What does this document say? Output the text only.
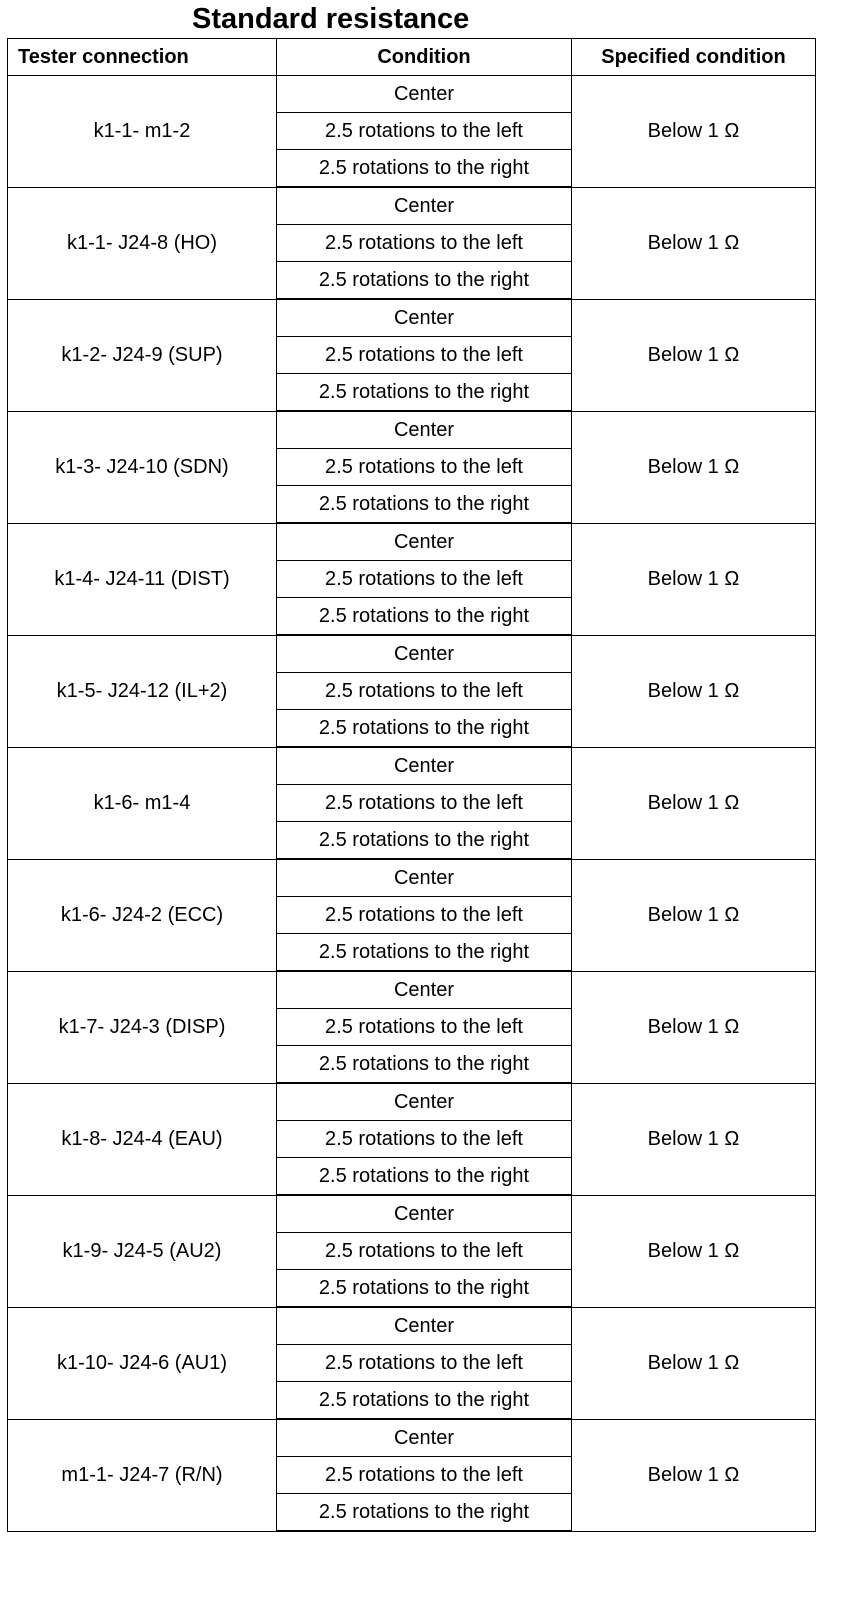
Standard resistance
Tester connection	Condition	Specified condition
k1-1- m1-2	Center	Below 1 Ω
	2.5 rotations to the left	
	2.5 rotations to the right	
k1-1- J24-8 (HO)	Center	Below 1 Ω
	2.5 rotations to the left	
	2.5 rotations to the right	
k1-2- J24-9 (SUP)	Center	Below 1 Ω
	2.5 rotations to the left	
	2.5 rotations to the right	
k1-3- J24-10 (SDN)	Center	Below 1 Ω
	2.5 rotations to the left	
	2.5 rotations to the right	
k1-4- J24-11 (DIST)	Center	Below 1 Ω
	2.5 rotations to the left	
	2.5 rotations to the right	
k1-5- J24-12 (IL+2)	Center	Below 1 Ω
	2.5 rotations to the left	
	2.5 rotations to the right	
k1-6- m1-4	Center	Below 1 Ω
	2.5 rotations to the left	
	2.5 rotations to the right	
k1-6- J24-2 (ECC)	Center	Below 1 Ω
	2.5 rotations to the left	
	2.5 rotations to the right	
k1-7- J24-3 (DISP)	Center	Below 1 Ω
	2.5 rotations to the left	
	2.5 rotations to the right	
k1-8- J24-4 (EAU)	Center	Below 1 Ω
	2.5 rotations to the left	
	2.5 rotations to the right	
k1-9- J24-5 (AU2)	Center	Below 1 Ω
	2.5 rotations to the left	
	2.5 rotations to the right	
k1-10- J24-6 (AU1)	Center	Below 1 Ω
	2.5 rotations to the left	
	2.5 rotations to the right	
m1-1- J24-7 (R/N)	Center	Below 1 Ω
	2.5 rotations to the left	
	2.5 rotations to the right	
